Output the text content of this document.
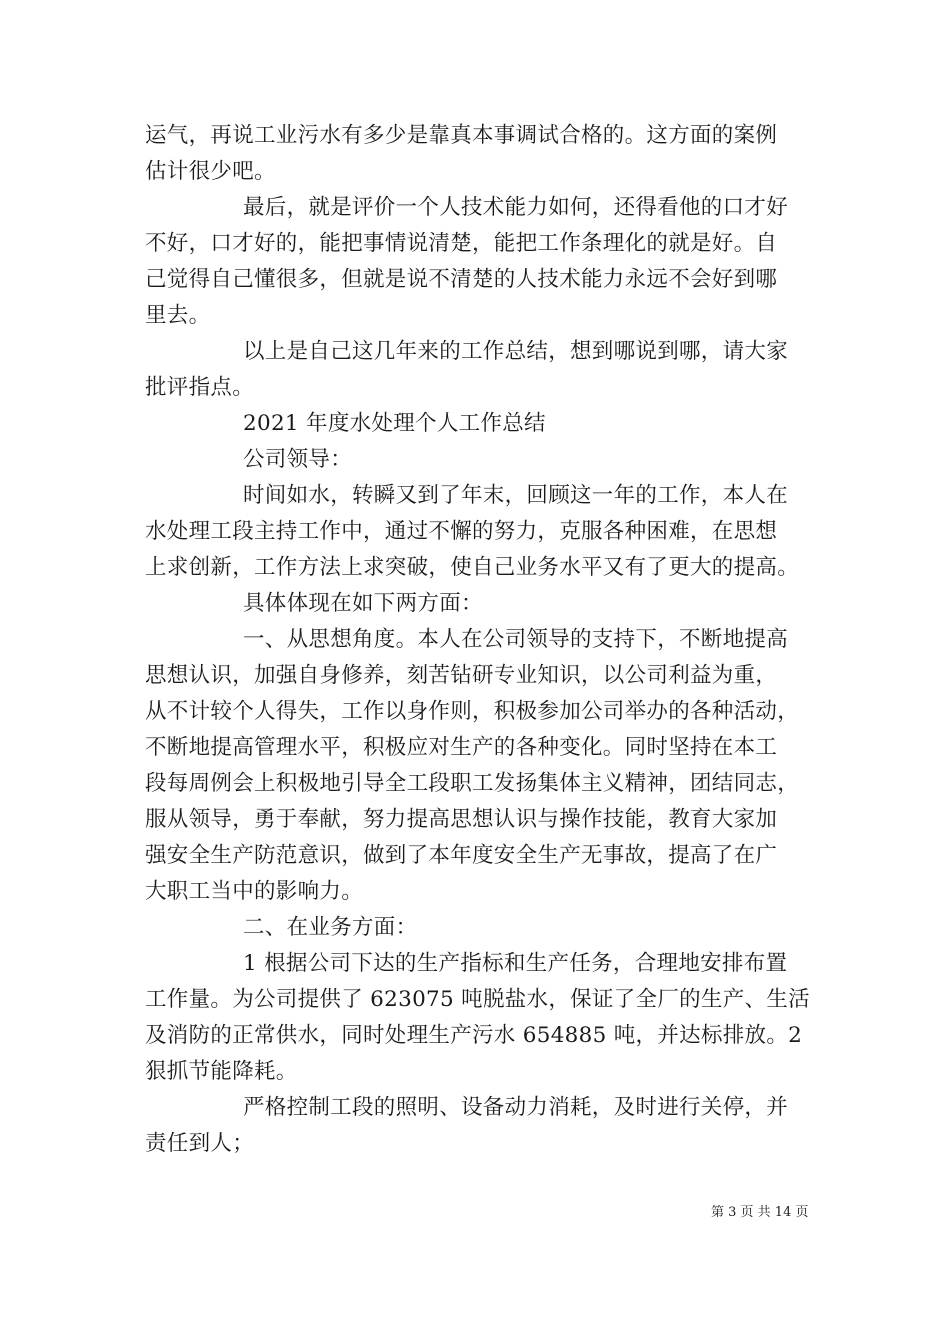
运气，再说工业污水有多少是靠真本事调试合格的。这方面的案例
估计很少吧。
最后，就是评价一个人技术能力如何，还得看他的口才好
不好，口才好的，能把事情说清楚，能把工作条理化的就是好。自
己觉得自己懂很多，但就是说不清楚的人技术能力永远不会好到哪
里去。
以上是自己这几年来的工作总结，想到哪说到哪，请大家
批评指点。
2021 年度水处理个人工作总结
公司领导：
时间如水，转瞬又到了年末，回顾这一年的工作，本人在
水处理工段主持工作中，通过不懈的努力，克服各种困难，在思想
上求创新，工作方法上求突破，使自己业务水平又有了更大的提高。
具体体现在如下两方面：
一、从思想角度。本人在公司领导的支持下，不断地提高
思想认识，加强自身修养，刻苦钻研专业知识，以公司利益为重，
从不计较个人得失，工作以身作则，积极参加公司举办的各种活动，
不断地提高管理水平，积极应对生产的各种变化。同时坚持在本工
段每周例会上积极地引导全工段职工发扬集体主义精神，团结同志，
服从领导，勇于奉献，努力提高思想认识与操作技能，教育大家加
强安全生产防范意识，做到了本年度安全生产无事故，提高了在广
大职工当中的影响力。
二、在业务方面：
1 根据公司下达的生产指标和生产任务，合理地安排布置
工作量。为公司提供了 623075 吨脱盐水，保证了全厂的生产、生活
及消防的正常供水，同时处理生产污水 654885 吨，并达标排放。2
狠抓节能降耗。
严格控制工段的照明、设备动力消耗，及时进行关停，并
责任到人；
第 3 页 共 14 页
